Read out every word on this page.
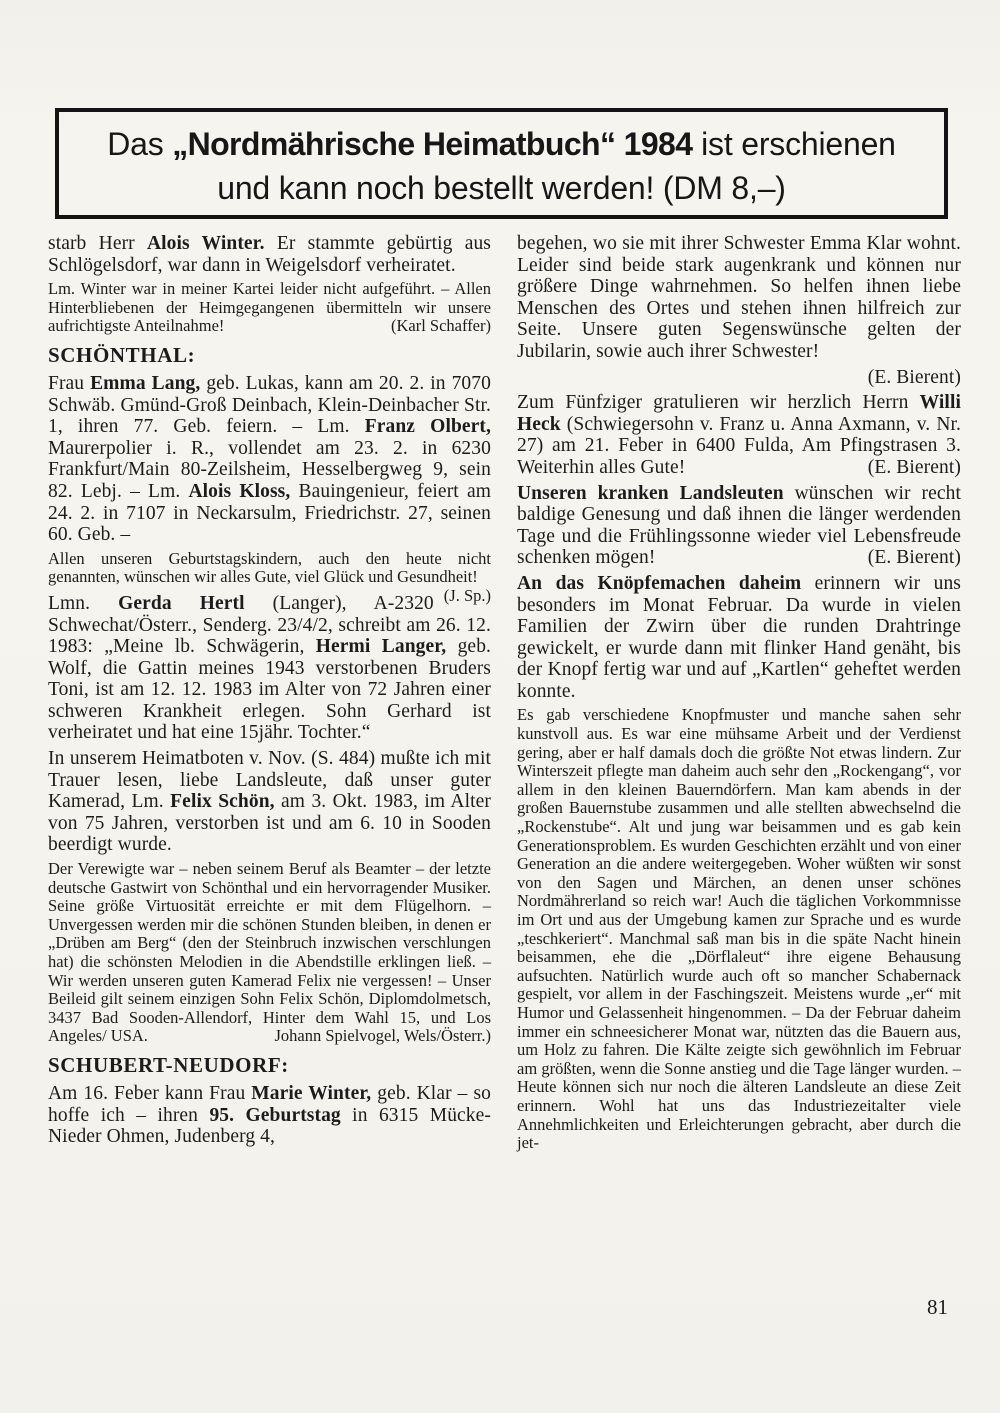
Das „Nordmährische Heimatbuch“ 1984 ist erschienen
und kann noch bestellt werden! (DM 8,–)

starb Herr Alois Winter. Er stammte gebürtig aus Schlögelsdorf, war dann in Weigelsdorf verheiratet.

Lm. Winter war in meiner Kartei leider nicht aufgeführt. – Allen Hinterbliebenen der Heimgegangenen übermitteln wir unsere aufrichtigste Anteilnahme!	(Karl Schaffer)

SCHÖNTHAL:

Frau Emma Lang, geb. Lukas, kann am 20. 2. in 7070 Schwäb. Gmünd-Groß Deinbach, Klein-Deinbacher Str. 1, ihren 77. Geb. feiern. – Lm. Franz Olbert, Maurerpolier i. R., vollendet am 23. 2. in 6230 Frankfurt/Main 80-Zeilsheim, Hesselbergweg 9, sein 82. Lebj. – Lm. Alois Kloss, Bauingenieur, feiert am 24. 2. in 7107 in Neckarsulm, Friedrichstr. 27, seinen 60. Geb. –

Allen unseren Geburtstagskindern, auch den heute nicht genannten, wünschen wir alles Gute, viel Glück und Gesundheit!
(J. Sp.)

Lmn. Gerda Hertl (Langer), A-2320 Schwechat/Österr., Senderg. 23/4/2, schreibt am 26. 12. 1983: „Meine lb. Schwägerin, Hermi Langer, geb. Wolf, die Gattin meines 1943 verstorbenen Bruders Toni, ist am 12. 12. 1983 im Alter von 72 Jahren einer schweren Krankheit erlegen. Sohn Gerhard ist verheiratet und hat eine 15jähr. Tochter.“

In unserem Heimatboten v. Nov. (S. 484) mußte ich mit Trauer lesen, liebe Landsleute, daß unser guter Kamerad, Lm. Felix Schön, am 3. Okt. 1983, im Alter von 75 Jahren, verstorben ist und am 6. 10 in Sooden beerdigt wurde.

Der Verewigte war – neben seinem Beruf als Beamter – der letzte deutsche Gastwirt von Schönthal und ein hervorragender Musiker. Seine größe Virtuosität erreichte er mit dem Flügelhorn. – Unvergessen werden mir die schönen Stunden bleiben, in denen er „Drüben am Berg“ (den der Steinbruch inzwischen verschlungen hat) die schönsten Melodien in die Abendstille erklingen ließ. – Wir werden unseren guten Kamerad Felix nie vergessen! – Unser Beileid gilt seinem einzigen Sohn Felix Schön, Diplomdolmetsch, 3437 Bad Sooden-Allendorf, Hinter dem Wahl 15, und Los Angeles/ USA.	Johann Spielvogel, Wels/Österr.)

SCHUBERT-NEUDORF:

Am 16. Feber kann Frau Marie Winter, geb. Klar – so hoffe ich – ihren 95. Geburtstag in 6315 Mücke-Nieder Ohmen, Judenberg 4,

begehen, wo sie mit ihrer Schwester Emma Klar wohnt. Leider sind beide stark augenkrank und können nur größere Dinge wahrnehmen. So helfen ihnen liebe Menschen des Ortes und stehen ihnen hilfreich zur Seite. Unsere guten Segenswünsche gelten der Jubilarin, sowie auch ihrer Schwester!

(E. Bierent)

Zum Fünfziger gratulieren wir herzlich Herrn Willi Heck (Schwiegersohn v. Franz u. Anna Axmann, v. Nr. 27) am 21. Feber in 6400 Fulda, Am Pfingstrasen 3. Weiterhin alles Gute!	(E. Bierent)

Unseren kranken Landsleuten wünschen wir recht baldige Genesung und daß ihnen die länger werdenden Tage und die Frühlingssonne wieder viel Lebensfreude schenken mögen!	(E. Bierent)

An das Knöpfemachen daheim erinnern wir uns besonders im Monat Februar. Da wurde in vielen Familien der Zwirn über die runden Drahtringe gewickelt, er wurde dann mit flinker Hand genäht, bis der Knopf fertig war und auf „Kartlen“ geheftet werden konnte.

Es gab verschiedene Knopfmuster und manche sahen sehr kunstvoll aus. Es war eine mühsame Arbeit und der Verdienst gering, aber er half damals doch die größte Not etwas lindern. Zur Winterszeit pflegte man daheim auch sehr den „Rockengang“, vor allem in den kleinen Bauerndörfern. Man kam abends in der großen Bauernstube zusammen und alle stellten abwechselnd die „Rockenstube“. Alt und jung war beisammen und es gab kein Generationsproblem. Es wurden Geschichten erzählt und von einer Generation an die andere weitergegeben. Woher wüßten wir sonst von den Sagen und Märchen, an denen unser schönes Nordmährerland so reich war! Auch die täglichen Vorkommnisse im Ort und aus der Umgebung kamen zur Sprache und es wurde „teschkeriert“. Manchmal saß man bis in die späte Nacht hinein beisammen, ehe die „Dörflaleut“ ihre eigene Behausung aufsuchten. Natürlich wurde auch oft so mancher Schabernack gespielt, vor allem in der Faschingszeit. Meistens wurde „er“ mit Humor und Gelassenheit hingenommen. – Da der Februar daheim immer ein schneesicherer Monat war, nützten das die Bauern aus, um Holz zu fahren. Die Kälte zeigte sich gewöhnlich im Februar am größten, wenn die Sonne anstieg und die Tage länger wurden. – Heute können sich nur noch die älteren Landsleute an diese Zeit erinnern. Wohl hat uns das Industriezeitalter viele Annehmlichkeiten und Erleichterungen gebracht, aber durch die jet-

81
